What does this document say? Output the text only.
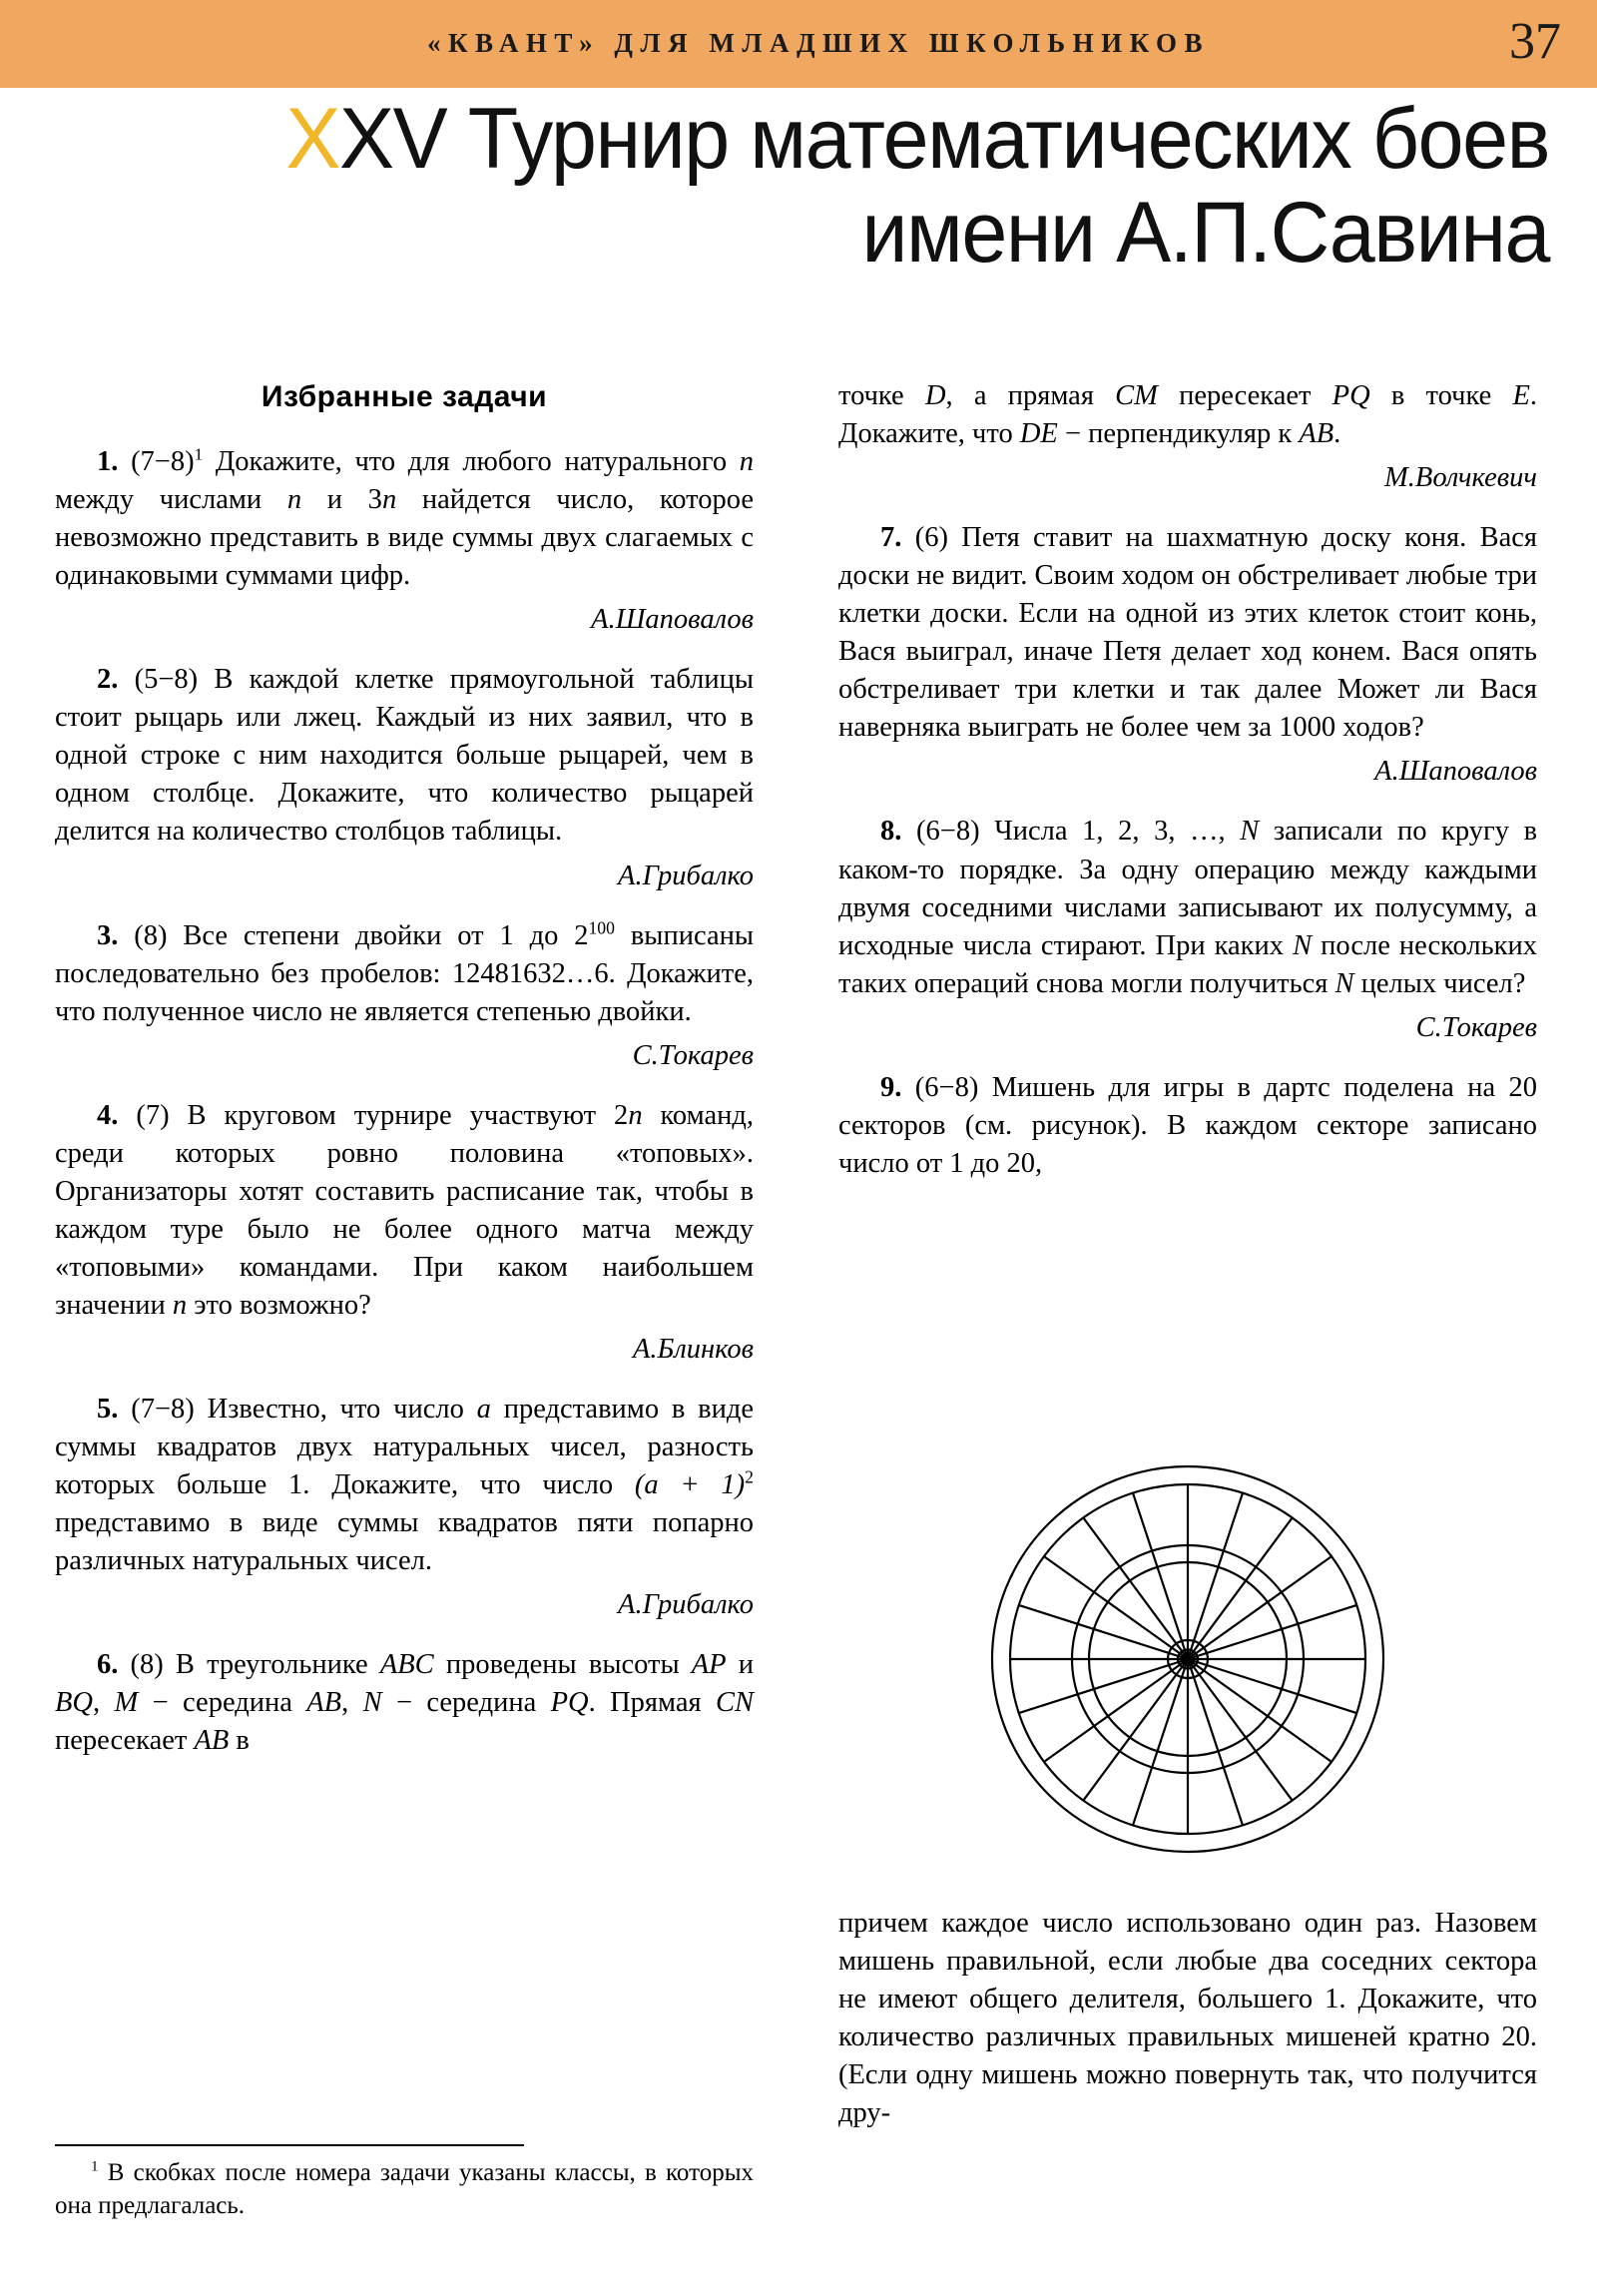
«КВАНТ» ДЛЯ МЛАДШИХ ШКОЛЬНИКОВ	37
XXV Турнир математических боев
имени А.П.Савина
Избранные задачи

1. (7−8)$^1$ Докажите, что для любого натурального n между числами n и 3n найдется число, которое невозможно представить в виде суммы двух слагаемых с одинаковыми суммами цифр.

А.Шаповалов

2. (5−8) В каждой клетке прямоугольной таблицы стоит рыцарь или лжец. Каждый из них заявил, что в одной строке с ним находится больше рыцарей, чем в одном столбце. Докажите, что количество рыцарей делится на количество столбцов таблицы.

А.Грибалко

3. (8) Все степени двойки от 1 до $2^{100}$ выписаны последовательно без пробелов: 12481632…6. Докажите, что полученное число не является степенью двойки.

С.Токарев

4. (7) В круговом турнире участвуют 2n команд, среди которых ровно половина «топовых». Организаторы хотят составить расписание так, чтобы в каждом туре было не более одного матча между «топовыми» командами. При каком наибольшем значении n это возможно?

А.Блинков

5. (7−8) Известно, что число a представимо в виде суммы квадратов двух натуральных чисел, разность которых больше 1. Докажите, что число $(a + 1)^2$ представимо в виде суммы квадратов пяти попарно различных натуральных чисел.

А.Грибалко

6. (8) В треугольнике ABC проведены высоты AP и BQ, M − середина AB, N − середина PQ. Прямая CN пересекает AB в

точке D, а прямая CM пересекает PQ в точке E. Докажите, что DE − перпендикуляр к AB.

М.Волчкевич

7. (6) Петя ставит на шахматную доску коня. Вася доски не видит. Своим ходом он обстреливает любые три клетки доски. Если на одной из этих клеток стоит конь, Вася выиграл, иначе Петя делает ход конем. Вася опять обстреливает три клетки и так далее Может ли Вася наверняка выиграть не более чем за 1000 ходов?

А.Шаповалов

8. (6−8) Числа 1, 2, 3, …, N записали по кругу в каком-то порядке. За одну операцию между каждыми двумя соседними числами записывают их полусумму, а исходные числа стирают. При каких N после нескольких таких операций снова могли получиться N целых чисел?

С.Токарев

9. (6−8) Мишень для игры в дартс поделена на 20 секторов (см. рисунок). В каждом секторе записано число от 1 до 20,

причем каждое число использовано один раз. Назовем мишень правильной, если любые два соседних сектора не имеют общего делителя, большего 1. Докажите, что количество различных правильных мишеней кратно 20. (Если одну мишень можно повернуть так, что получится дру-

$^1$ В скобках после номера задачи указаны классы, в которых она предлагалась.
